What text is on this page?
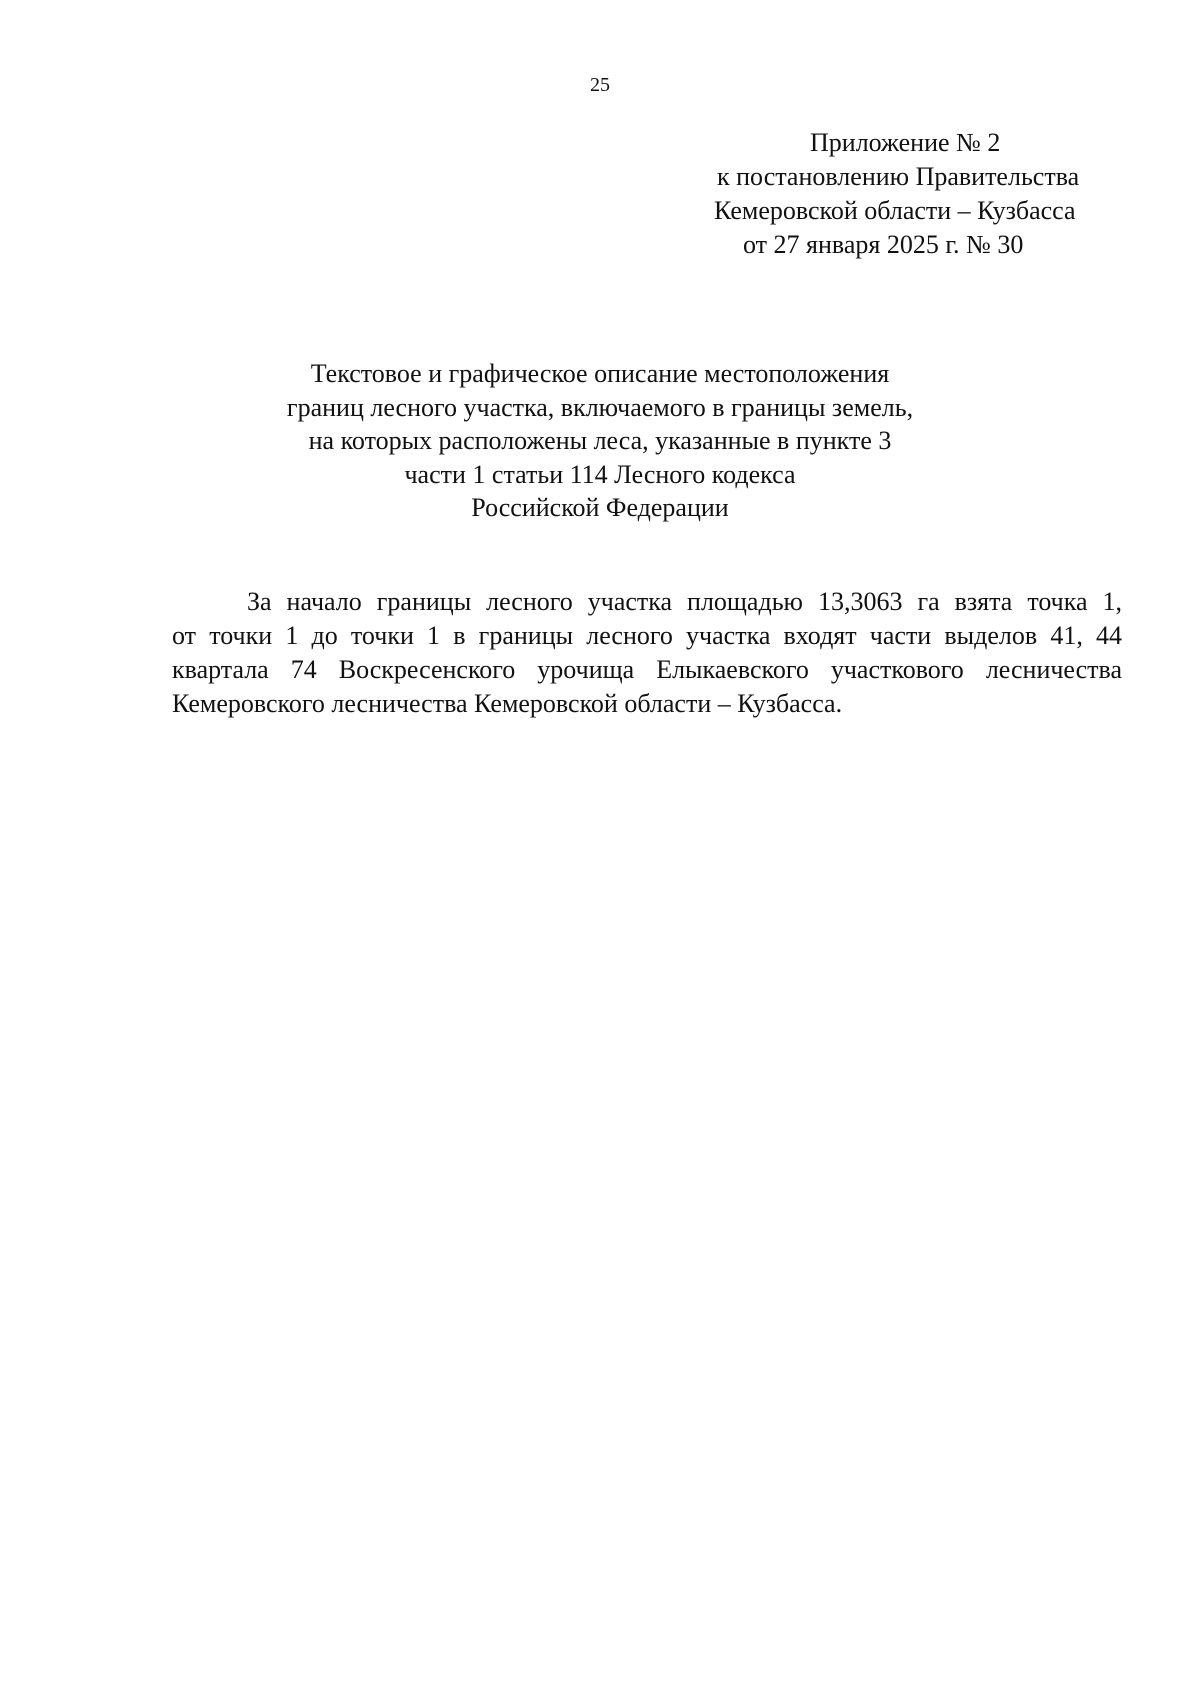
25
Приложение № 2
к постановлению Правительства
Кемеровской области – Кузбасса
от 27 января 2025 г. № 30
Текстовое и графическое описание местоположения
границ лесного участка, включаемого в границы земель,
на которых расположены леса, указанные в пункте 3
части 1 статьи 114 Лесного кодекса
Российской Федерации
За начало границы лесного участка площадью 13,3063 га взята точка 1,
от точки 1 до точки 1 в границы лесного участка входят части выделов 41, 44
квартала 74 Воскресенского урочища Елыкаевского участкового лесничества
Кемеровского лесничества Кемеровской области – Кузбасса.
